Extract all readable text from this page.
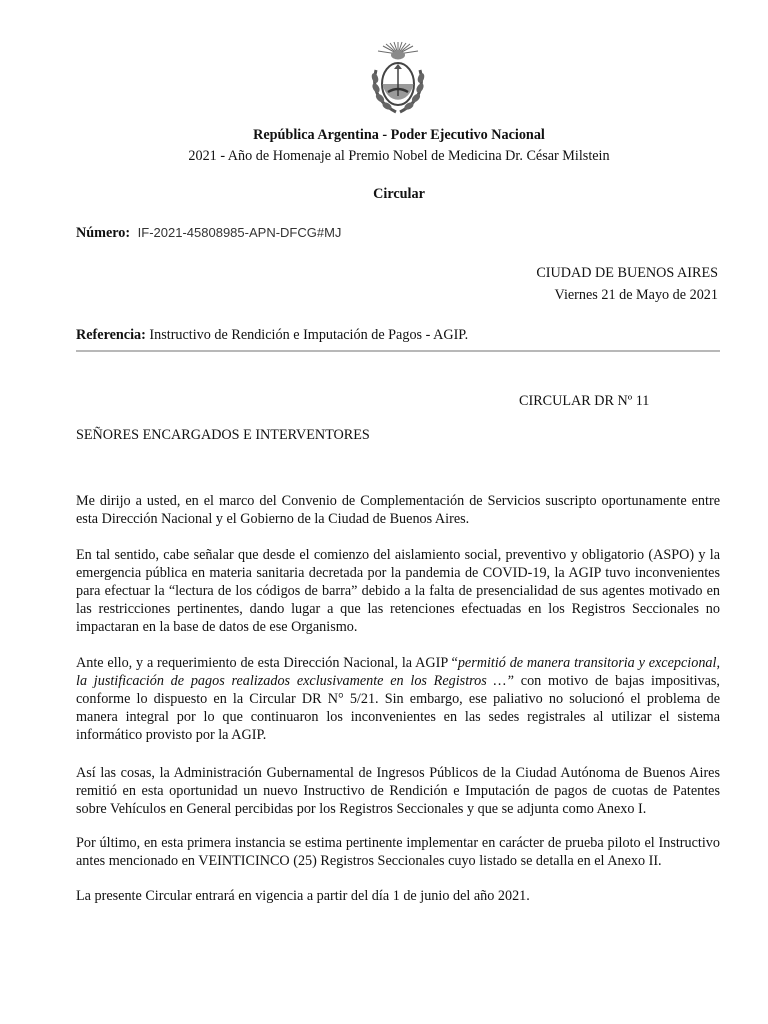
República Argentina - Poder Ejecutivo Nacional
2021 - Año de Homenaje al Premio Nobel de Medicina Dr. César Milstein
Circular
Número: IF-2021-45808985-APN-DFCG#MJ
CIUDAD DE BUENOS AIRES
Viernes 21 de Mayo de 2021
Referencia: Instructivo de Rendición e Imputación de Pagos - AGIP.
CIRCULAR DR Nº 11
SEÑORES ENCARGADOS E INTERVENTORES
Me dirijo a usted, en el marco del Convenio de Complementación de Servicios suscripto oportunamente entre esta Dirección Nacional y el Gobierno de la Ciudad de Buenos Aires.
En tal sentido, cabe señalar que desde el comienzo del aislamiento social, preventivo y obligatorio (ASPO) y la emergencia pública en materia sanitaria decretada por la pandemia de COVID-19, la AGIP tuvo inconvenientes para efectuar la “lectura de los códigos de barra” debido a la falta de presencialidad de sus agentes motivado en las restricciones pertinentes, dando lugar a que las retenciones efectuadas en los Registros Seccionales no impactaran en la base de datos de ese Organismo.
Ante ello, y a requerimiento de esta Dirección Nacional, la AGIP “permitió de manera transitoria y excepcional, la justificación de pagos realizados exclusivamente en los Registros …” con motivo de bajas impositivas, conforme lo dispuesto en la Circular DR N° 5/21. Sin embargo, ese paliativo no solucionó el problema de manera integral por lo que continuaron los inconvenientes en las sedes registrales al utilizar el sistema informático provisto por la AGIP.
Así las cosas, la Administración Gubernamental de Ingresos Públicos de la Ciudad Autónoma de Buenos Aires remitió en esta oportunidad un nuevo Instructivo de Rendición e Imputación de pagos de cuotas de Patentes sobre Vehículos en General percibidas por los Registros Seccionales y que se adjunta como Anexo I.
Por último, en esta primera instancia se estima pertinente implementar en carácter de prueba piloto el Instructivo antes mencionado en VEINTICINCO (25) Registros Seccionales cuyo listado se detalla en el Anexo II.
La presente Circular entrará en vigencia a partir del día 1 de junio del año 2021.
